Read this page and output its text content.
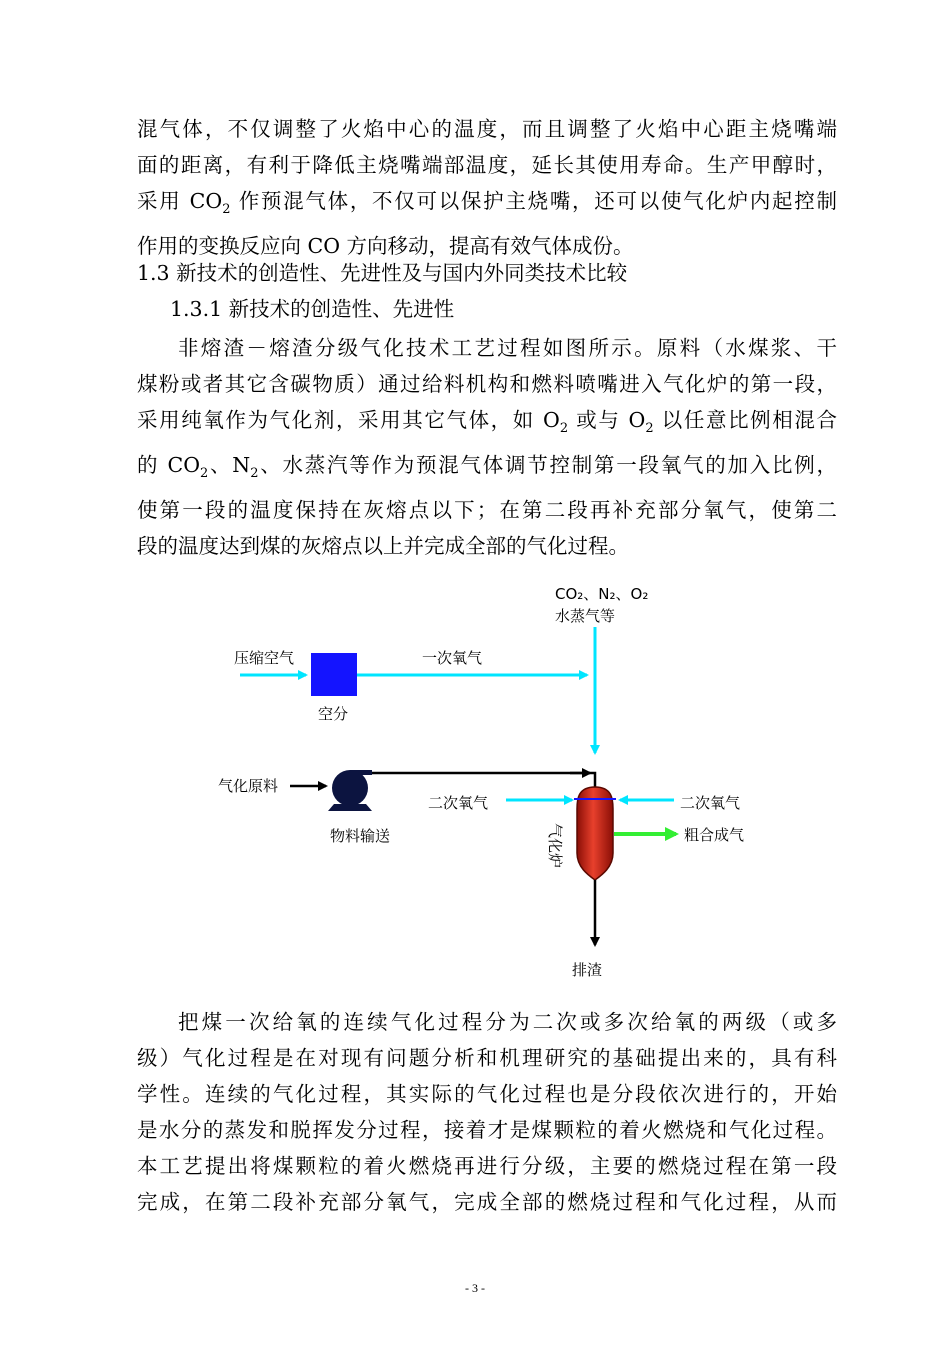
混气体，不仅调整了火焰中心的温度，而且调整了火焰中心距主烧嘴端
面的距离，有利于降低主烧嘴端部温度，延长其使用寿命。生产甲醇时，
采用 $CO_2$ 作预混气体，不仅可以保护主烧嘴，还可以使气化炉内起控制
作用的变换反应向 CO 方向移动，提高有效气体成份。
1.3 新技术的创造性、先进性及与国内外同类技术比较
1.3.1 新技术的创造性、先进性
非熔渣－熔渣分级气化技术工艺过程如图所示。原料（水煤浆、干
煤粉或者其它含碳物质）通过给料机构和燃料喷嘴进入气化炉的第一段，
采用纯氧作为气化剂，采用其它气体，如 $O_2$ 或与 $O_2$ 以任意比例相混合
的 $CO_2$、$N_2$、水蒸汽等作为预混气体调节控制第一段氧气的加入比例，
使第一段的温度保持在灰熔点以下；在第二段再补充部分氧气，使第二
段的温度达到煤的灰熔点以上并完成全部的气化过程。
CO₂、N₂、O₂
水蒸气等
压缩空气
空分
一次氧气
气化原料
物料输送
二次氧气	二次氧气
气化炉	粗合成气
排渣
把煤一次给氧的连续气化过程分为二次或多次给氧的两级（或多
级）气化过程是在对现有问题分析和机理研究的基础提出来的，具有科
学性。连续的气化过程，其实际的气化过程也是分段依次进行的，开始
是水分的蒸发和脱挥发分过程，接着才是煤颗粒的着火燃烧和气化过程。
本工艺提出将煤颗粒的着火燃烧再进行分级，主要的燃烧过程在第一段
完成，在第二段补充部分氧气，完成全部的燃烧过程和气化过程，从而
- 3 -
